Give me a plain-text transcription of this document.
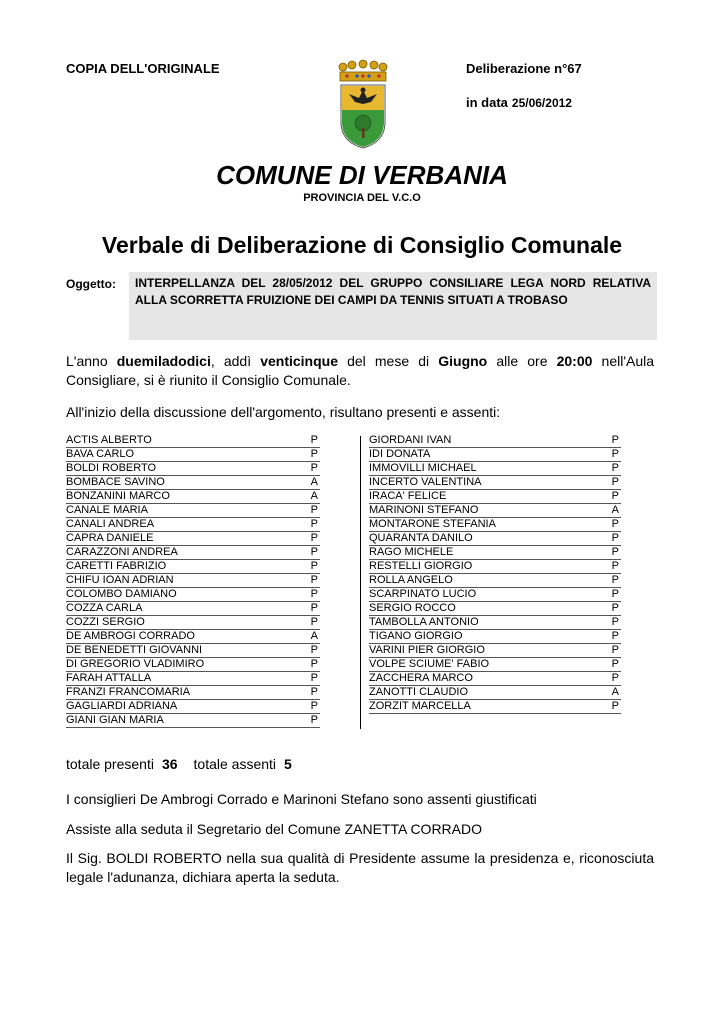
COPIA DELL'ORIGINALE	Deliberazione n°67
in data 25/06/2012
COMUNE DI VERBANIA
PROVINCIA DEL V.C.O
Verbale di Deliberazione di Consiglio Comunale
Oggetto:	INTERPELLANZA DEL 28/05/2012 DEL GRUPPO CONSILIARE LEGA NORD RELATIVA ALLA SCORRETTA FRUIZIONE DEI CAMPI DA TENNIS SITUATI A TROBASO
L'anno duemiladodici, addì venticinque del mese di Giugno alle ore 20:00 nell'Aula Consigliare, si è riunito il Consiglio Comunale.
All'inizio della discussione dell'argomento, risultano presenti e assenti:
ACTIS ALBERTO	P
BAVA CARLO	P
BOLDI ROBERTO	P
BOMBACE SAVINO	A
BONZANINI MARCO	A
CANALE MARIA	P
CANALI ANDREA	P
CAPRA DANIELE	P
CARAZZONI ANDREA	P
CARETTI FABRIZIO	P
CHIFU IOAN ADRIAN	P
COLOMBO DAMIANO	P
COZZA CARLA	P
COZZI SERGIO	P
DE AMBROGI CORRADO	A
DE BENEDETTI GIOVANNI	P
DI GREGORIO VLADIMIRO	P
FARAH ATTALLA	P
FRANZI FRANCOMARIA	P
GAGLIARDI ADRIANA	P
GIANI GIAN MARIA	P
GIORDANI IVAN	P
IDI DONATA	P
IMMOVILLI MICHAEL	P
INCERTO VALENTINA	P
IRACA' FELICE	P
MARINONI STEFANO	A
MONTARONE STEFANIA	P
QUARANTA DANILO	P
RAGO MICHELE	P
RESTELLI GIORGIO	P
ROLLA ANGELO	P
SCARPINATO LUCIO	P
SERGIO ROCCO	P
TAMBOLLA ANTONIO	P
TIGANO GIORGIO	P
VARINI PIER GIORGIO	P
VOLPE SCIUME' FABIO	P
ZACCHERA MARCO	P
ZANOTTI CLAUDIO	A
ZORZIT MARCELLA	P
totale presenti 36 totale assenti 5
I consiglieri De Ambrogi Corrado e Marinoni Stefano sono assenti giustificati
Assiste alla seduta il Segretario del Comune ZANETTA CORRADO
Il Sig. BOLDI ROBERTO nella sua qualità di Presidente assume la presidenza e, riconosciuta legale l'adunanza, dichiara aperta la seduta.
